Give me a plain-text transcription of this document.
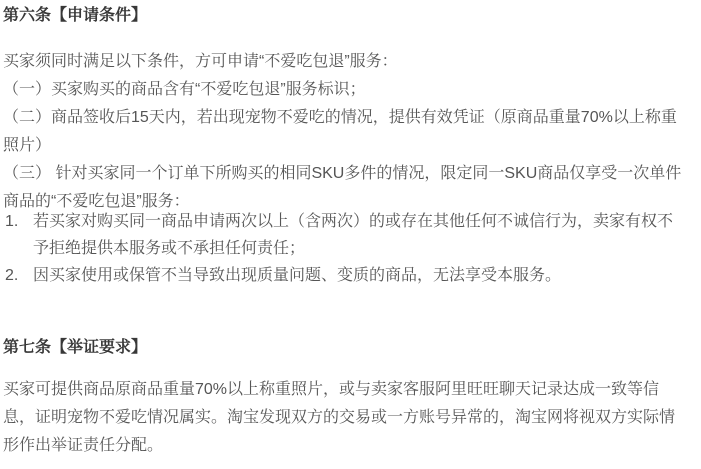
第六条【申请条件】

买家须同时满足以下条件，方可申请“不爱吃包退”服务：

（一）买家购买的商品含有“不爱吃包退”服务标识；

（二）商品签收后15天内，若出现宠物不爱吃的情况，提供有效凭证（原商品重量70%以上称重照片）

（三） 针对买家同一个订单下所购买的相同SKU多件的情况，限定同一SKU商品仅享受一次单件商品的“不爱吃包退”服务：

1. 若买家对购买同一商品申请两次以上（含两次）的或存在其他任何不诚信行为，卖家有权不予拒绝提供本服务或不承担任何责任；
2. 因买家使用或保管不当导致出现质量问题、变质的商品，无法享受本服务。
第七条【举证要求】

买家可提供商品原商品重量70%以上称重照片，或与卖家客服阿里旺旺聊天记录达成一致等信息，证明宠物不爱吃情况属实。淘宝发现双方的交易或一方账号异常的，淘宝网将视双方实际情形作出举证责任分配。
